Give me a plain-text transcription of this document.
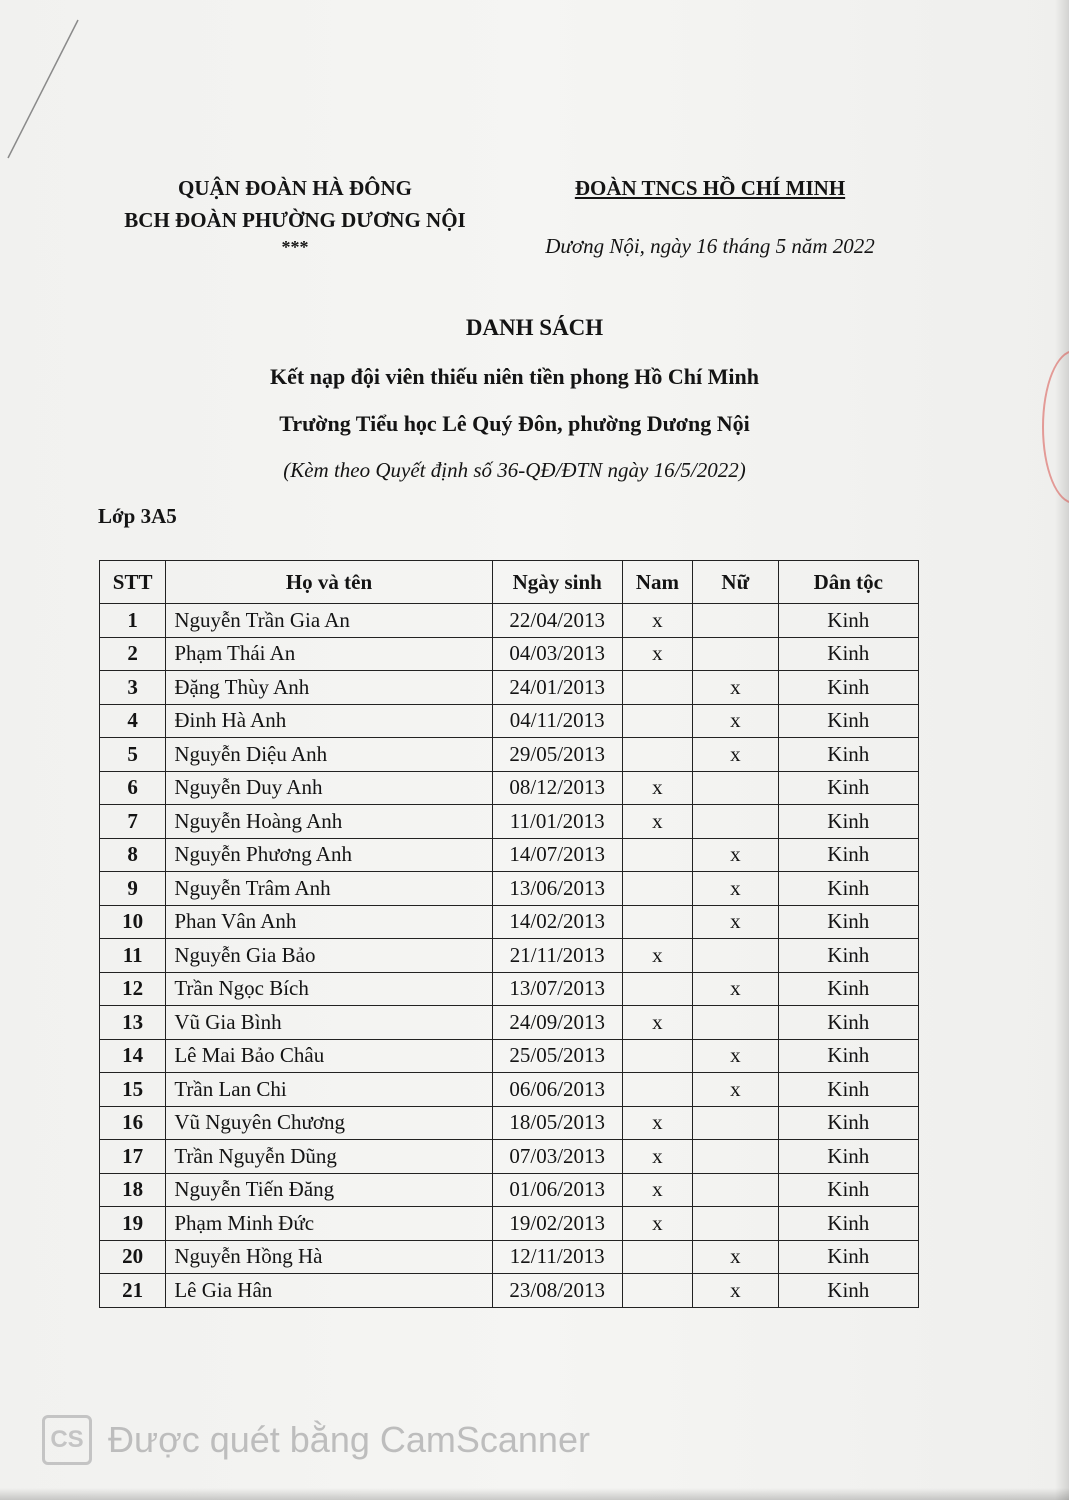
QUẬN ĐOÀN HÀ ĐÔNG
BCH ĐOÀN PHƯỜNG DƯƠNG NỘI
***
ĐOÀN TNCS HỒ CHÍ MINH
Dương Nội, ngày 16 tháng 5 năm 2022
DANH SÁCH
Kết nạp đội viên thiếu niên tiền phong Hồ Chí Minh
Trường Tiểu học Lê Quý Đôn, phường Dương Nội
(Kèm theo Quyết định số 36-QĐ/ĐTN ngày 16/5/2022)
Lớp 3A5
STT	Họ và tên	Ngày sinh	Nam	Nữ	Dân tộc
1	Nguyễn Trần Gia An	22/04/2013	x		Kinh
2	Phạm Thái An	04/03/2013	x		Kinh
3	Đặng Thùy Anh	24/01/2013		x	Kinh
4	Đinh Hà Anh	04/11/2013		x	Kinh
5	Nguyễn Diệu Anh	29/05/2013		x	Kinh
6	Nguyễn Duy Anh	08/12/2013	x		Kinh
7	Nguyễn Hoàng Anh	11/01/2013	x		Kinh
8	Nguyễn Phương Anh	14/07/2013		x	Kinh
9	Nguyễn Trâm Anh	13/06/2013		x	Kinh
10	Phan Vân Anh	14/02/2013		x	Kinh
11	Nguyễn Gia Bảo	21/11/2013	x		Kinh
12	Trần Ngọc Bích	13/07/2013		x	Kinh
13	Vũ Gia Bình	24/09/2013	x		Kinh
14	Lê Mai Bảo Châu	25/05/2013		x	Kinh
15	Trần Lan Chi	06/06/2013		x	Kinh
16	Vũ Nguyên Chương	18/05/2013	x		Kinh
17	Trần Nguyễn Dũng	07/03/2013	x		Kinh
18	Nguyễn Tiến Đăng	01/06/2013	x		Kinh
19	Phạm Minh Đức	19/02/2013	x		Kinh
20	Nguyễn Hồng Hà	12/11/2013		x	Kinh
21	Lê Gia Hân	23/08/2013		x	Kinh
CS Được quét bằng CamScanner
